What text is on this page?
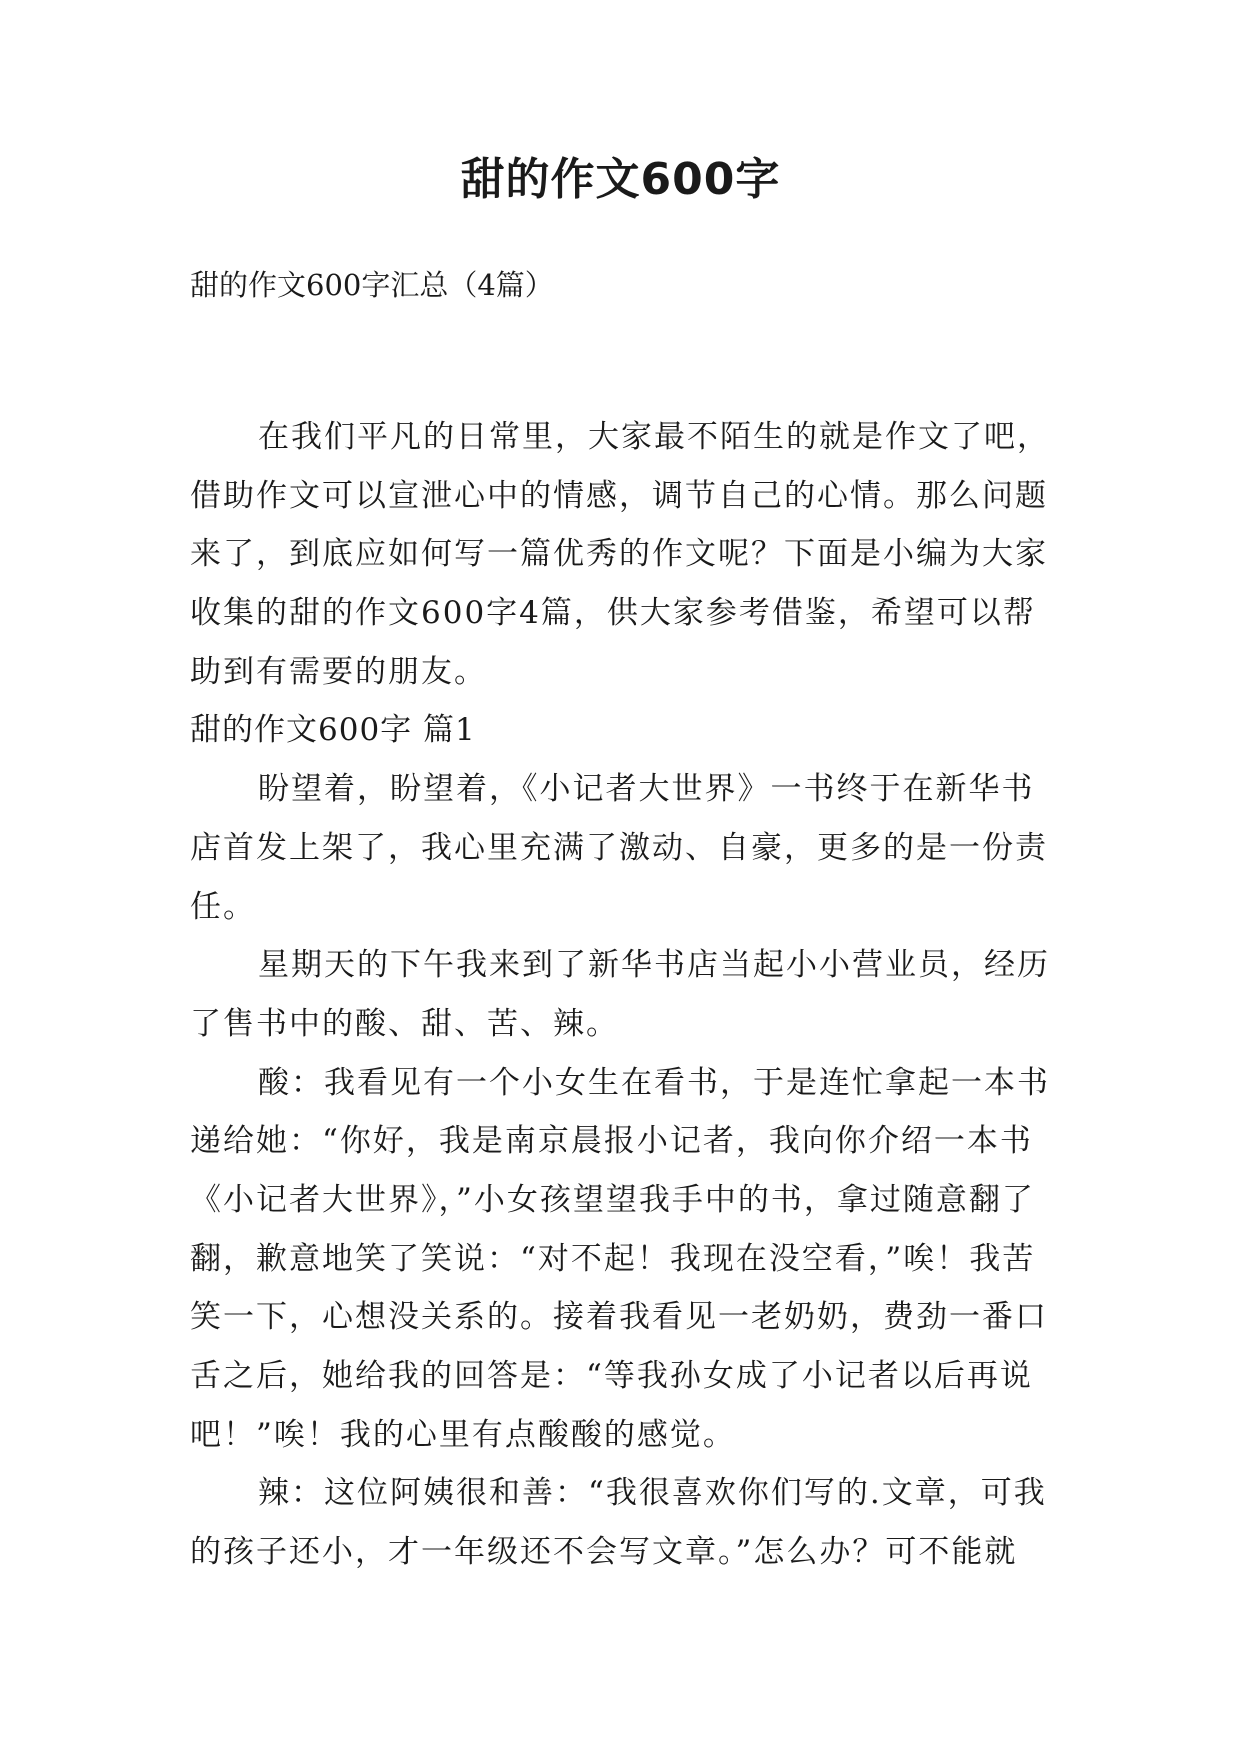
甜的作文600字
甜的作文600字汇总（4篇）
在我们平凡的日常里，大家最不陌生的就是作文了吧，
借助作文可以宣泄心中的情感，调节自己的心情。那么问题
来了，到底应如何写一篇优秀的作文呢？下面是小编为大家
收集的甜的作文600字4篇，供大家参考借鉴，希望可以帮
助到有需要的朋友。
甜的作文600字 篇1
盼望着，盼望着，《小记者大世界》一书终于在新华书
店首发上架了，我心里充满了激动、自豪，更多的是一份责
任。
星期天的下午我来到了新华书店当起小小营业员，经历
了售书中的酸、甜、苦、辣。
酸：我看见有一个小女生在看书，于是连忙拿起一本书
递给她：“你好，我是南京晨报小记者，我向你介绍一本书
《小记者大世界》，”小女孩望望我手中的书，拿过随意翻了
翻，歉意地笑了笑说：“对不起！我现在没空看，”唉！我苦
笑一下，心想没关系的。接着我看见一老奶奶，费劲一番口
舌之后，她给我的回答是：“等我孙女成了小记者以后再说
吧！”唉！我的心里有点酸酸的感觉。
辣：这位阿姨很和善：“我很喜欢你们写的.文章，可我
的孩子还小，才一年级还不会写文章。”怎么办？可不能就
